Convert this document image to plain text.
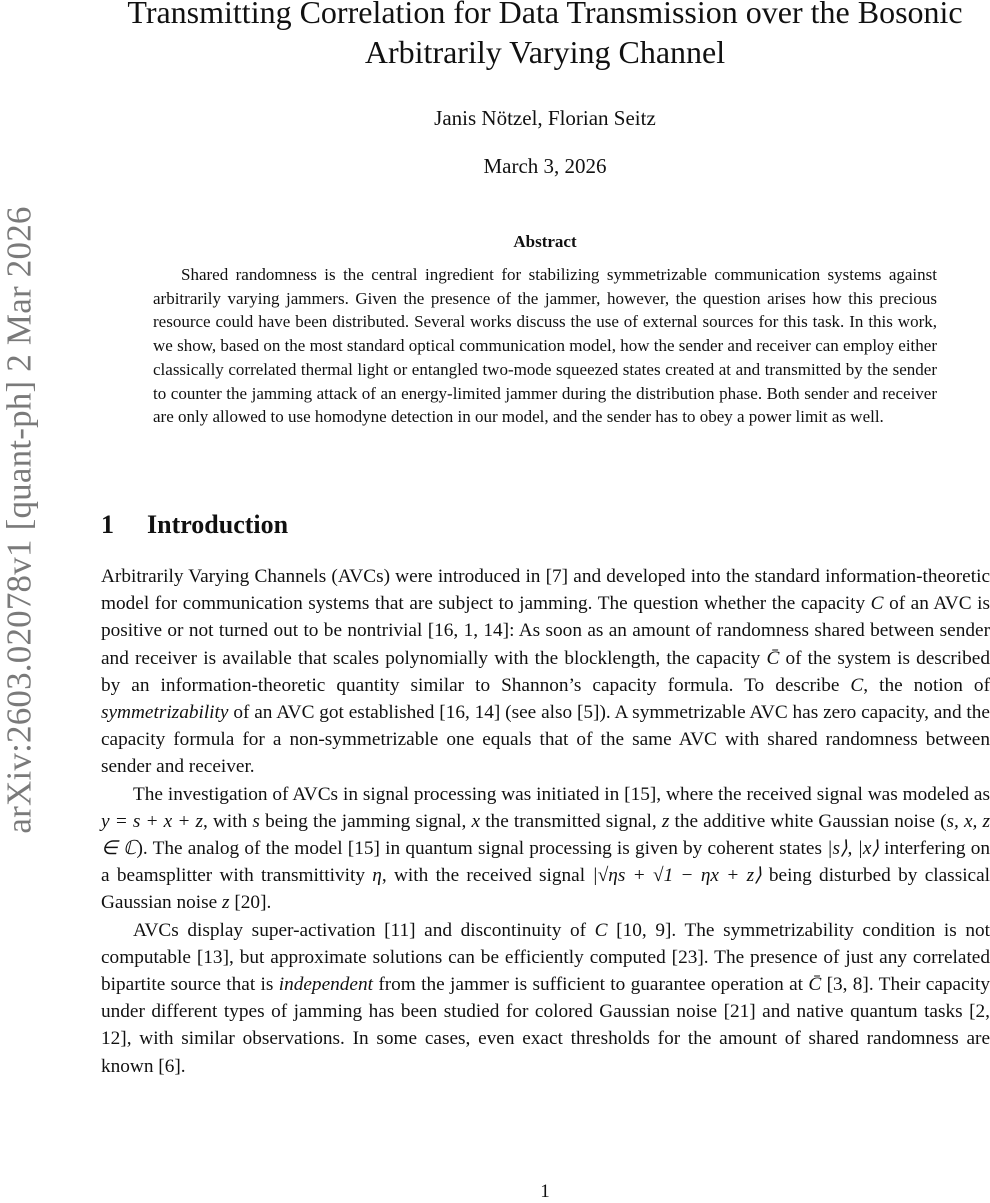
arXiv:2603.02078v1 [quant-ph] 2 Mar 2026
Transmitting Correlation for Data Transmission over the Bosonic Arbitrarily Varying Channel
Janis Nötzel, Florian Seitz
March 3, 2026
Abstract

Shared randomness is the central ingredient for stabilizing symmetrizable communication systems against arbitrarily varying jammers. Given the presence of the jammer, however, the question arises how this precious resource could have been distributed. Several works discuss the use of external sources for this task. In this work, we show, based on the most standard optical communication model, how the sender and receiver can employ either classically correlated thermal light or entangled two-mode squeezed states created at and transmitted by the sender to counter the jamming attack of an energy-limited jammer during the distribution phase. Both sender and receiver are only allowed to use homodyne detection in our model, and the sender has to obey a power limit as well.

1 Introduction

Arbitrarily Varying Channels (AVCs) were introduced in [7] and developed into the standard information-theoretic model for communication systems that are subject to jamming. The question whether the capacity C of an AVC is positive or not turned out to be nontrivial [16, 1, 14]: As soon as an amount of randomness shared between sender and receiver is available that scales polynomially with the blocklength, the capacity C̄ of the system is described by an information-theoretic quantity similar to Shannon’s capacity formula. To describe C, the notion of symmetrizability of an AVC got established [16, 14] (see also [5]). A symmetrizable AVC has zero capacity, and the capacity formula for a non-symmetrizable one equals that of the same AVC with shared randomness between sender and receiver.

The investigation of AVCs in signal processing was initiated in [15], where the received signal was modeled as y = s + x + z, with s being the jamming signal, x the transmitted signal, z the additive white Gaussian noise (s, x, z ∈ ℂ). The analog of the model [15] in quantum signal processing is given by coherent states |s⟩, |x⟩ interfering on a beamsplitter with transmittivity η, with the received signal |√ηs + √1 − ηx + z⟩ being disturbed by classical Gaussian noise z [20].

AVCs display super-activation [11] and discontinuity of C [10, 9]. The symmetrizability condition is not computable [13], but approximate solutions can be efficiently computed [23]. The presence of just any correlated bipartite source that is independent from the jammer is sufficient to guarantee operation at C̄ [3, 8]. Their capacity under different types of jamming has been studied for colored Gaussian noise [21] and native quantum tasks [2, 12], with similar observations. In some cases, even exact thresholds for the amount of shared randomness are known [6].

1
